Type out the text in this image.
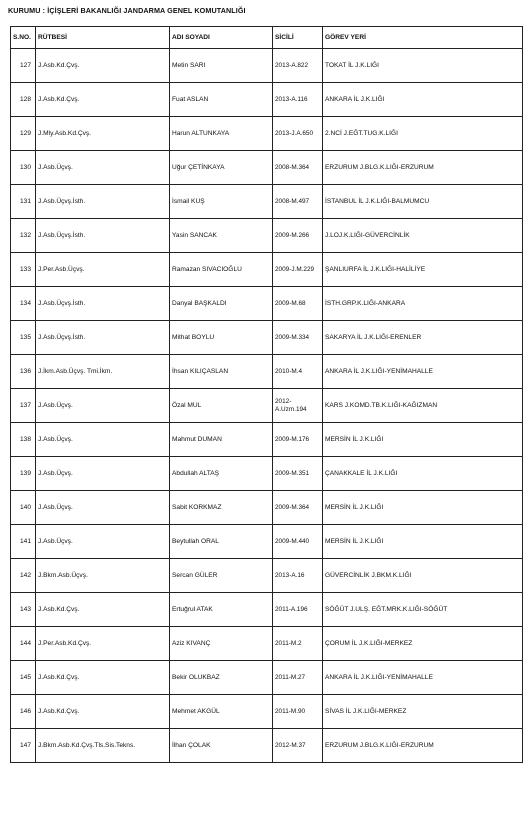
KURUMU : İÇİŞLERİ BAKANLIĞI JANDARMA GENEL KOMUTANLIĞI
S.NO.	RÜTBESİ	ADI SOYADI	SİCİLİ	GÖREV YERİ
127	J.Asb.Kd.Çvş.	Metin SARI	2013-A.822	TOKAT İL J.K.LIĞI
128	J.Asb.Kd.Çvş.	Fuat ASLAN	2013-A.116	ANKARA İL J.K.LIĞI
129	J.Mly.Asb.Kd.Çvş.	Harun ALTUNKAYA	2013-J.A.650	2.NCİ J.EĞT.TUG.K.LIĞI
130	J.Asb.Üçvş.	Uğur ÇETİNKAYA	2008-M.364	ERZURUM J.BLG.K.LIĞI-ERZURUM
131	J.Asb.Üçvş.İsth.	İsmail KUŞ	2008-M.497	İSTANBUL İL J.K.LIĞI-BALMUMCU
132	J.Asb.Üçvş.İsth.	Yasin SANCAK	2009-M.266	J.LOJ.K.LIĞI-GÜVERCİNLİK
133	J.Per.Asb.Üçvş.	Ramazan SIVACIOĞLU	2009-J.M.229	ŞANLIURFA İL J.K.LIĞI-HALİLİYE
134	J.Asb.Üçvş.İsth.	Danyal BAŞKALDI	2009-M.68	İSTH.GRP.K.LIĞI-ANKARA
135	J.Asb.Üçvş.İsth.	Mithat BOYLU	2009-M.334	SAKARYA İL J.K.LIĞI-ERENLER
136	J.İkm.Asb.Üçvş. Tmi.İkm.	İhsan KILIÇASLAN	2010-M.4	ANKARA İL J.K.LIĞI-YENİMAHALLE
137	J.Asb.Üçvş.	Özal MUL	2012-A.Uzm.194	KARS J.KOMD.TB.K.LIĞI-KAĞIZMAN
138	J.Asb.Üçvş.	Mahmut DUMAN	2009-M.176	MERSİN İL J.K.LIĞI
139	J.Asb.Üçvş.	Abdullah ALTAŞ	2009-M.351	ÇANAKKALE İL J.K.LIĞI
140	J.Asb.Üçvş.	Sabit KORKMAZ	2009-M.364	MERSİN İL J.K.LIĞI
141	J.Asb.Üçvş.	Beytullah ORAL	2009-M.440	MERSİN İL J.K.LIĞI
142	J.Bkm.Asb.Üçvş.	Sercan GÜLER	2013-A.16	GÜVERCİNLİK J.BKM.K.LIĞI
143	J.Asb.Kd.Çvş.	Ertuğrul ATAK	2011-A.196	SÖĞÜT J.ULŞ. EĞT.MRK.K.LIĞI-SÖĞÜT
144	J.Per.Asb.Kd.Çvş.	Aziz KIVANÇ	2011-M.2	ÇORUM İL J.K.LIĞI-MERKEZ
145	J.Asb.Kd.Çvş.	Bekir OLUKBAZ	2011-M.27	ANKARA İL J.K.LIĞI-YENİMAHALLE
146	J.Asb.Kd.Çvş.	Mehmet AKGÜL	2011-M.90	SİVAS İL J.K.LIĞI-MERKEZ
147	J.Bkm.Asb.Kd.Çvş.Tls.Sis.Tekns.	İlhan ÇOLAK	2012-M.37	ERZURUM J.BLG.K.LIĞI-ERZURUM
